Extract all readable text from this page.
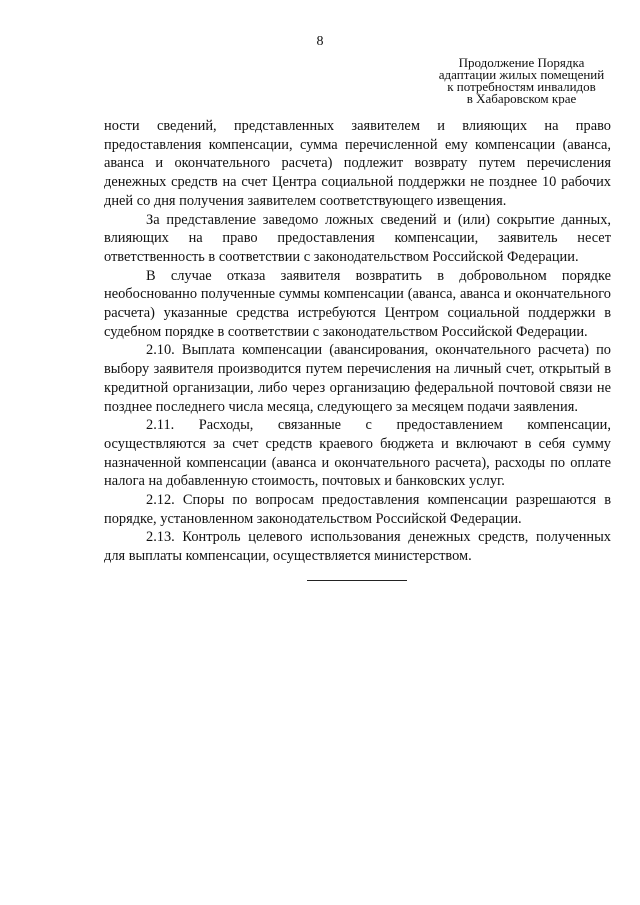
8
Продолжение Порядка
адаптации жилых помещений
к потребностям инвалидов
в Хабаровском крае

ности сведений, представленных заявителем и влияющих на право предоставления компенсации, сумма перечисленной ему компенсации (аванса, аванса и окончательного расчета) подлежит возврату путем перечисления денежных средств на счет Центра социальной поддержки не позднее 10 рабочих дней со дня получения заявителем соответствующего извещения.

За представление заведомо ложных сведений и (или) сокрытие данных, влияющих на право предоставления компенсации, заявитель несет ответственность в соответствии с законодательством Российской Федерации.

В случае отказа заявителя возвратить в добровольном порядке необоснованно полученные суммы компенсации (аванса, аванса и окончательного расчета) указанные средства истребуются Центром социальной поддержки в судебном порядке в соответствии с законодательством Российской Федерации.

2.10. Выплата компенсации (авансирования, окончательного расчета) по выбору заявителя производится путем перечисления на личный счет, открытый в кредитной организации, либо через организацию федеральной почтовой связи не позднее последнего числа месяца, следующего за месяцем подачи заявления.

2.11. Расходы, связанные с предоставлением компенсации, осуществляются за счет средств краевого бюджета и включают в себя сумму назначенной компенсации (аванса и окончательного расчета), расходы по оплате налога на добавленную стоимость, почтовых и банковских услуг.

2.12. Споры по вопросам предоставления компенсации разрешаются в порядке, установленном законодательством Российской Федерации.

2.13. Контроль целевого использования денежных средств, полученных для выплаты компенсации, осуществляется министерством.
